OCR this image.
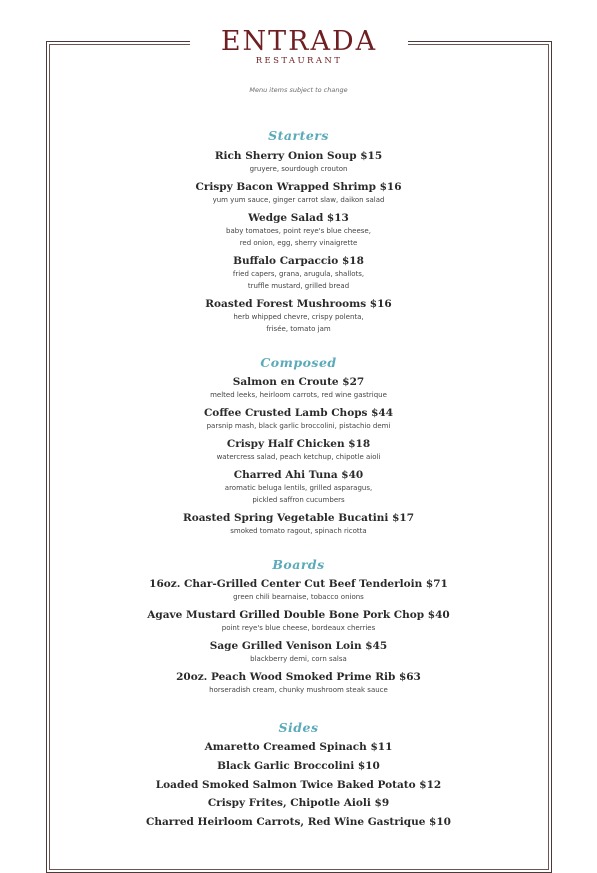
ENTRADA
RESTAURANT
Menu items subject to change
Starters
Rich Sherry Onion Soup $15
gruyere, sourdough crouton
Crispy Bacon Wrapped Shrimp $16
yum yum sauce, ginger carrot slaw, daikon salad
Wedge Salad $13
baby tomatoes, point reye's blue cheese,
red onion, egg, sherry vinaigrette
Buffalo Carpaccio $18
fried capers, grana, arugula, shallots,
truffle mustard, grilled bread
Roasted Forest Mushrooms $16
herb whipped chevre, crispy polenta,
frisée, tomato jam
Composed
Salmon en Croute $27
melted leeks, heirloom carrots, red wine gastrique
Coffee Crusted Lamb Chops $44
parsnip mash, black garlic broccolini, pistachio demi
Crispy Half Chicken $18
watercress salad, peach ketchup, chipotle aioli
Charred Ahi Tuna $40
aromatic beluga lentils, grilled asparagus,
pickled saffron cucumbers
Roasted Spring Vegetable Bucatini $17
smoked tomato ragout, spinach ricotta
Boards
16oz. Char-Grilled Center Cut Beef Tenderloin $71
green chili bearnaise, tobacco onions
Agave Mustard Grilled Double Bone Pork Chop $40
point reye's blue cheese, bordeaux cherries
Sage Grilled Venison Loin $45
blackberry demi, corn salsa
20oz. Peach Wood Smoked Prime Rib $63
horseradish cream, chunky mushroom steak sauce
Sides
Amaretto Creamed Spinach $11
Black Garlic Broccolini $10
Loaded Smoked Salmon Twice Baked Potato $12
Crispy Frites, Chipotle Aioli $9
Charred Heirloom Carrots, Red Wine Gastrique $10
